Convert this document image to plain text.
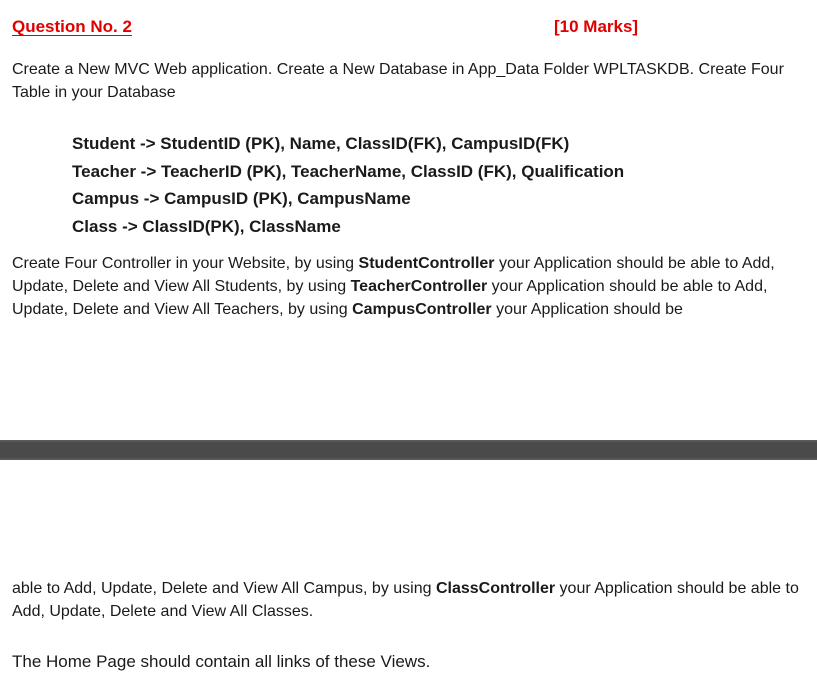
Question No. 2	[10 Marks]

Create a New MVC Web application. Create a New Database in App_Data Folder WPLTASKDB. Create Four Table in your Database

Student -> StudentID (PK), Name, ClassID(FK), CampusID(FK)
Teacher -> TeacherID (PK), TeacherName, ClassID (FK), Qualification
Campus -> CampusID (PK), CampusName
Class -> ClassID(PK), ClassName

Create Four Controller in your Website, by using StudentController your Application should be able to Add, Update, Delete and View All Students, by using TeacherController your Application should be able to Add, Update, Delete and View All Teachers, by using CampusController your Application should be

able to Add, Update, Delete and View All Campus, by using ClassController your Application should be able to Add, Update, Delete and View All Classes.

The Home Page should contain all links of these Views.
